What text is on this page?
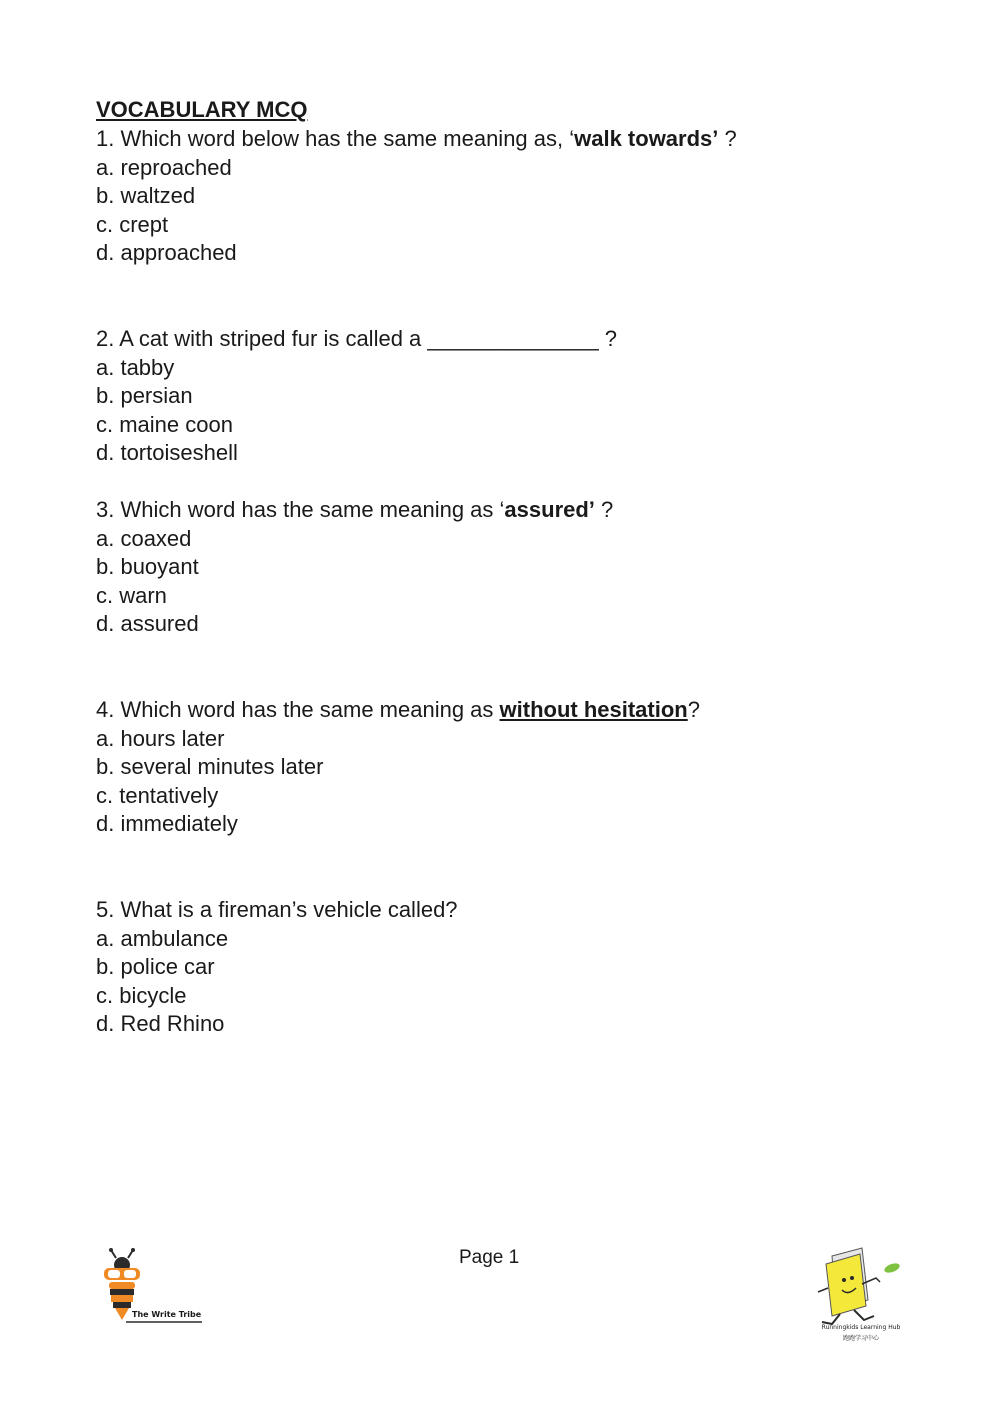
VOCABULARY MCQ
1. Which word below has the same meaning as, ‘walk towards’ ?
a. reproached
b. waltzed
c. crept
d. approached
2. A cat with striped fur is called a ______________ ?
a. tabby
b. persian
c. maine coon
d. tortoiseshell
3. Which word has the same meaning as ‘assured’ ?
a. coaxed
b. buoyant
c. warn
d. assured
4. Which word has the same meaning as without hesitation?
a. hours later
b. several minutes later
c. tentatively
d. immediately
5. What is a fireman’s vehicle called?
a. ambulance
b. police car
c. bicycle
d. Red Rhino
Page 1
The Write Tribe
Runningkids Learning Hub
跑跑学习中心
